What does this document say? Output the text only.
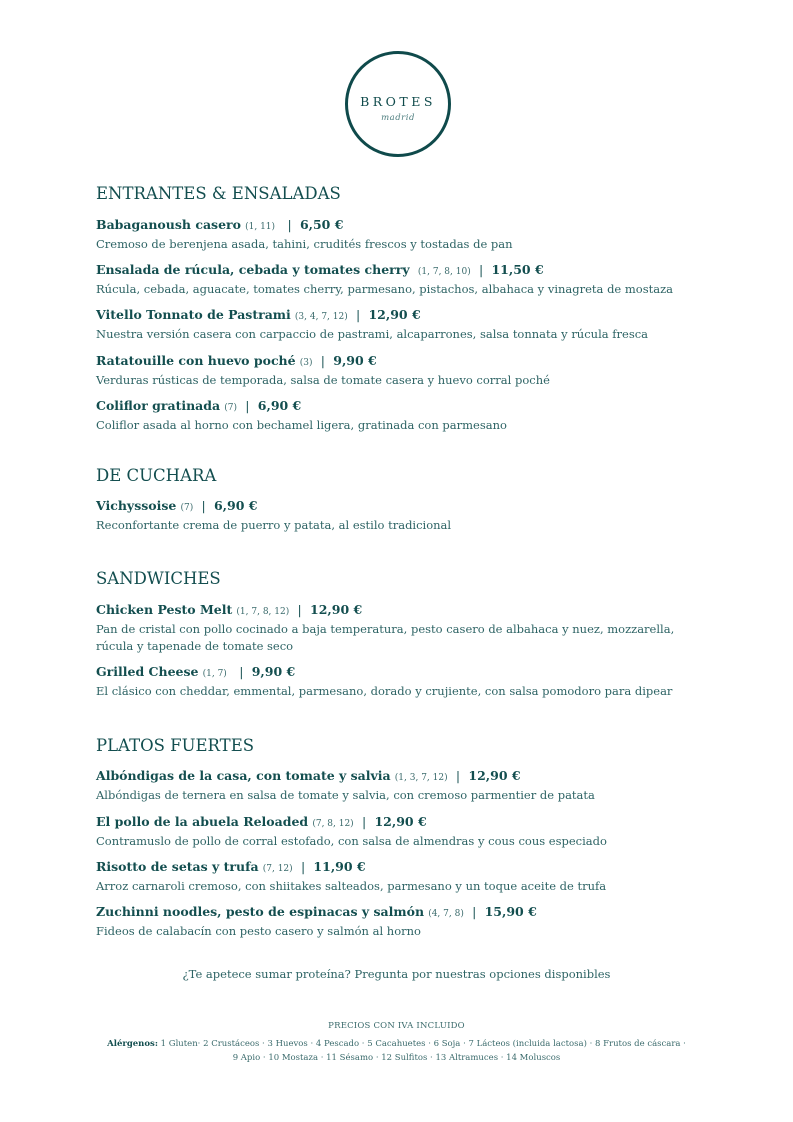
BROTES
madrid
ENTRANTES & ENSALADAS
Babaganoush casero (1, 11) | 6,50 €
Cremoso de berenjena asada, tahini, crudités frescos y tostadas de pan
Ensalada de rúcula, cebada y tomates cherry (1, 7, 8, 10) | 11,50 €
Rúcula, cebada, aguacate, tomates cherry, parmesano, pistachos, albahaca y vinagreta de mostaza
Vitello Tonnato de Pastrami (3, 4, 7, 12) | 12,90 €
Nuestra versión casera con carpaccio de pastrami, alcaparrones, salsa tonnata y rúcula fresca
Ratatouille con huevo poché (3) | 9,90 €
Verduras rústicas de temporada, salsa de tomate casera y huevo corral poché
Coliflor gratinada (7) | 6,90 €
Coliflor asada al horno con bechamel ligera, gratinada con parmesano
DE CUCHARA
Vichyssoise (7) | 6,90 €
Reconfortante crema de puerro y patata, al estilo tradicional
SANDWICHES
Chicken Pesto Melt (1, 7, 8, 12) | 12,90 €
Pan de cristal con pollo cocinado a baja temperatura, pesto casero de albahaca y nuez, mozzarella, rúcula y tapenade de tomate seco
Grilled Cheese (1, 7) | 9,90 €
El clásico con cheddar, emmental, parmesano, dorado y crujiente, con salsa pomodoro para dipear
PLATOS FUERTES
Albóndigas de la casa, con tomate y salvia (1, 3, 7, 12) | 12,90 €
Albóndigas de ternera en salsa de tomate y salvia, con cremoso parmentier de patata
El pollo de la abuela Reloaded (7, 8, 12) | 12,90 €
Contramuslo de pollo de corral estofado, con salsa de almendras y cous cous especiado
Risotto de setas y trufa (7, 12) | 11,90 €
Arroz carnaroli cremoso, con shiitakes salteados, parmesano y un toque aceite de trufa
Zuchinni noodles, pesto de espinacas y salmón (4, 7, 8) | 15,90 €
Fideos de calabacín con pesto casero y salmón al horno
¿Te apetece sumar proteína? Pregunta por nuestras opciones disponibles
PRECIOS CON IVA INCLUIDO
Alérgenos: 1 Gluten· 2 Crustáceos · 3 Huevos · 4 Pescado · 5 Cacahuetes · 6 Soja · 7 Lácteos (incluida lactosa) · 8 Frutos de cáscara · 9 Apio · 10 Mostaza · 11 Sésamo · 12 Sulfitos · 13 Altramuces · 14 Moluscos
